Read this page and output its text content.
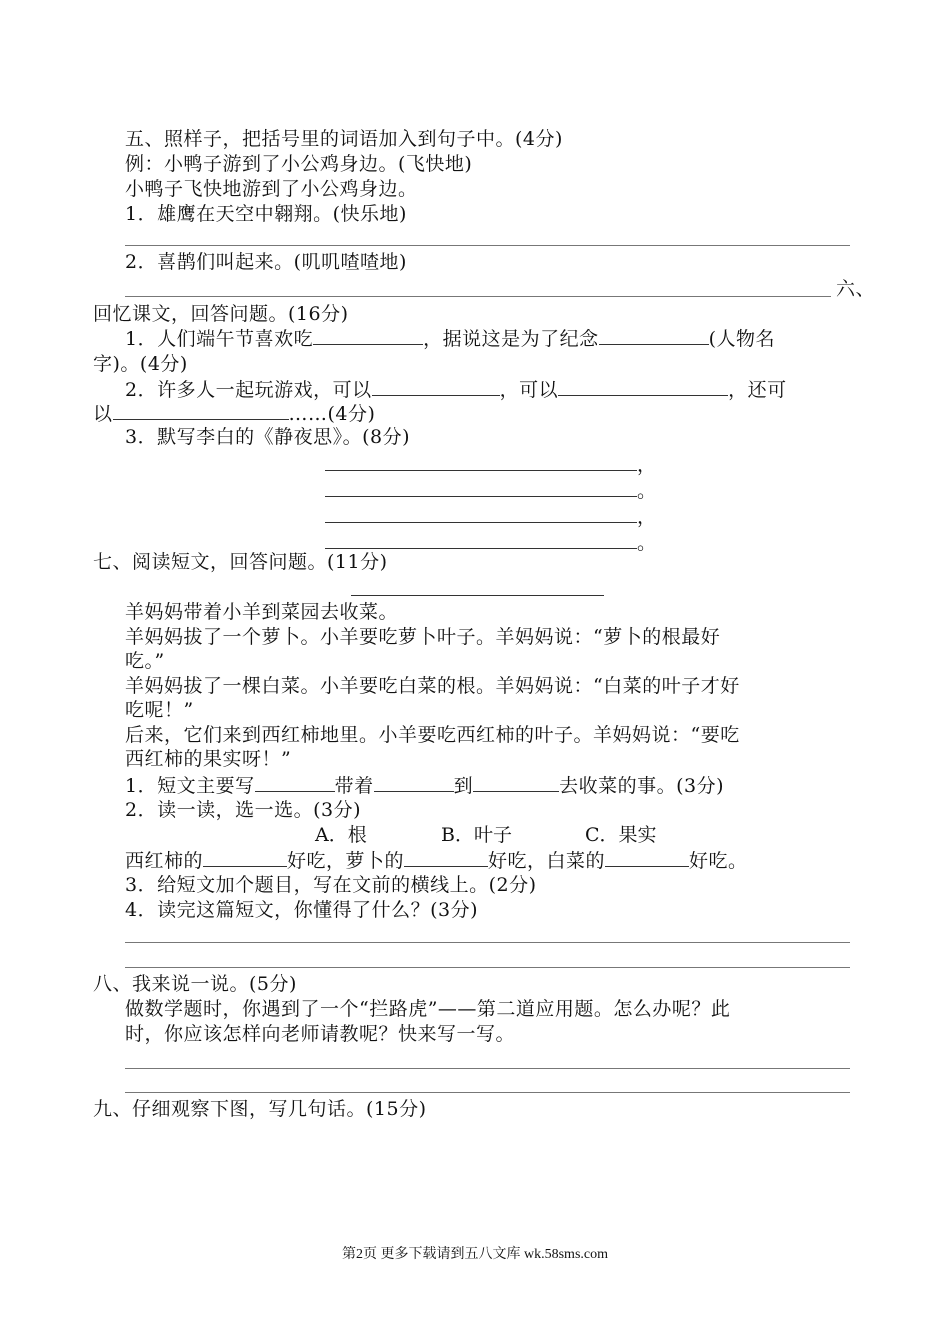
五、照样子，把括号里的词语加入到句子中。(4分)
例：小鸭子游到了小公鸡身边。(飞快地)
小鸭子飞快地游到了小公鸡身边。
1．雄鹰在天空中翱翔。(快乐地)
2．喜鹊们叫起来。(叽叽喳喳地)
六、
回忆课文，回答问题。(16分)
1．人们端午节喜欢吃	，据说这是为了纪念	(人物名
字)。(4分)
2．许多人一起玩游戏，可以	，可以	，还可
以	……(4分)
3．默写李白的《静夜思》。(8分)
，
。
，
。
七、阅读短文，回答问题。(11分)
羊妈妈带着小羊到菜园去收菜。
羊妈妈拔了一个萝卜。小羊要吃萝卜叶子。羊妈妈说：“萝卜的根最好
吃。”
羊妈妈拔了一棵白菜。小羊要吃白菜的根。羊妈妈说：“白菜的叶子才好
吃呢！”
后来，它们来到西红柿地里。小羊要吃西红柿的叶子。羊妈妈说：“要吃
西红柿的果实呀！”
1．短文主要写	带着	到	去收菜的事。(3分)
2．读一读，选一选。(3分)
A．根	B．叶子	C．果实
西红柿的	好吃，萝卜的	好吃，白菜的	好吃。
3．给短文加个题目，写在文前的横线上。(2分)
4．读完这篇短文，你懂得了什么？(3分)
八、我来说一说。(5分)
做数学题时，你遇到了一个“拦路虎”——第二道应用题。怎么办呢？此
时，你应该怎样向老师请教呢？快来写一写。
九、仔细观察下图，写几句话。(15分)
第2页 更多下载请到五八文库 wk.58sms.com
